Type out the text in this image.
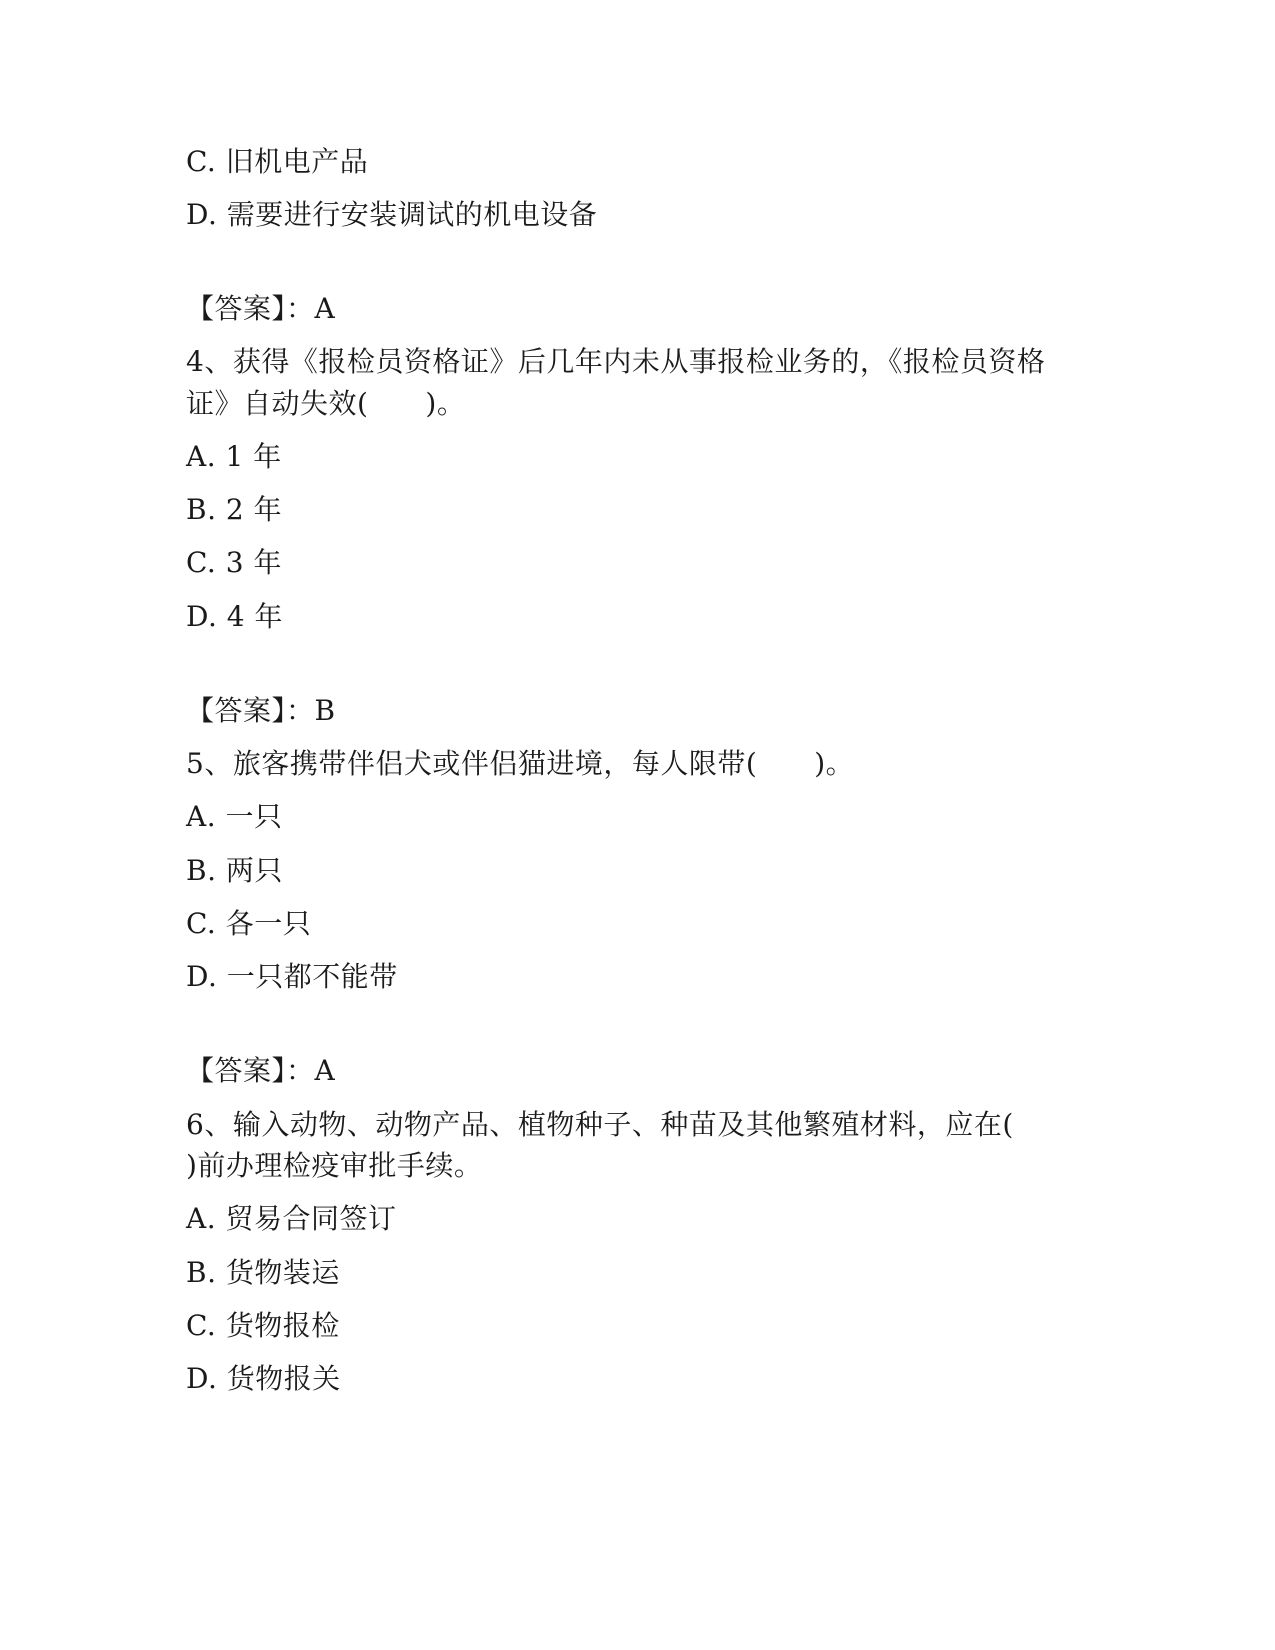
C. 旧机电产品
D. 需要进行安装调试的机电设备
【答案】：A
4、获得《报检员资格证》后几年内未从事报检业务的，《报检员资格
证》自动失效(　　)。
A. 1 年
B. 2 年
C. 3 年
D. 4 年
【答案】：B
5、旅客携带伴侣犬或伴侣猫进境，每人限带(　　)。
A. 一只
B. 两只
C. 各一只
D. 一只都不能带
【答案】：A
6、输入动物、动物产品、植物种子、种苗及其他繁殖材料，应在(
)前办理检疫审批手续。
A. 贸易合同签订
B. 货物装运
C. 货物报检
D. 货物报关
